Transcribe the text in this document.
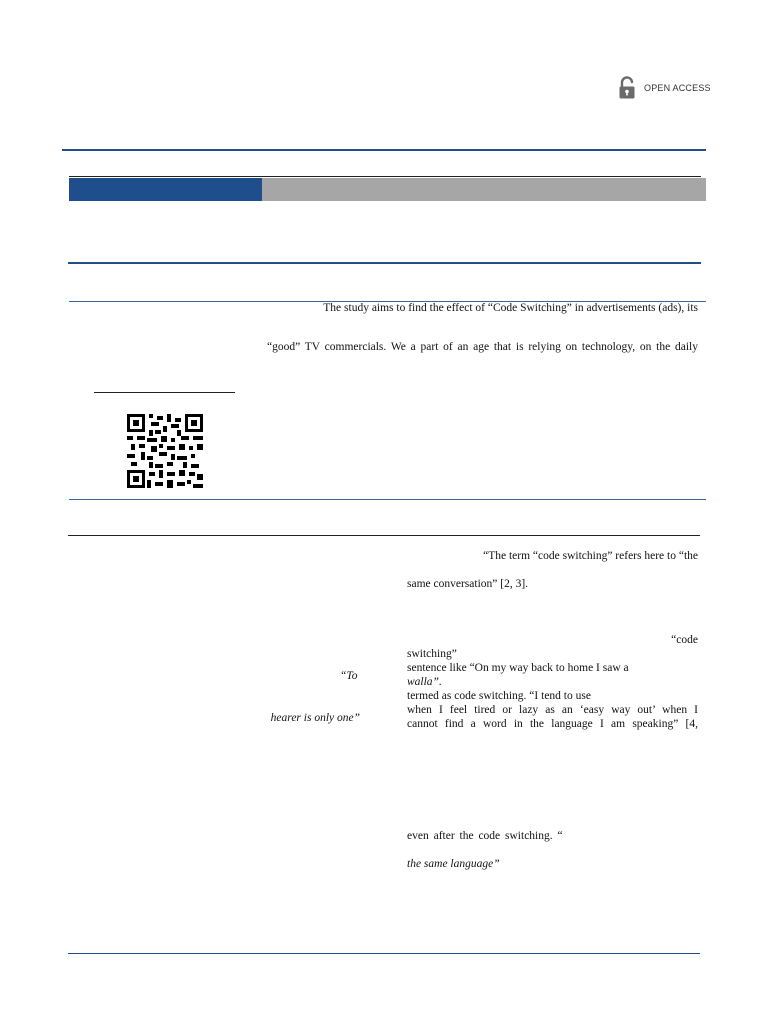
OPEN ACCESS
The study aims to find the effect of “Code Switching” in advertisements (ads), its
“good” TV commercials. We a part of an age that is relying on technology, on the daily
“To
hearer is only one”
“The term “code switching” refers here to “the
same conversation” [2, 3].
“code
switching”
sentence like “On my way back to home I saw a
walla”.
termed as code switching. “I tend to use
when I feel tired or lazy as an ‘easy way out’ when I
cannot find a word in the language I am speaking” [4,
even after the code switching. “
the same language”
